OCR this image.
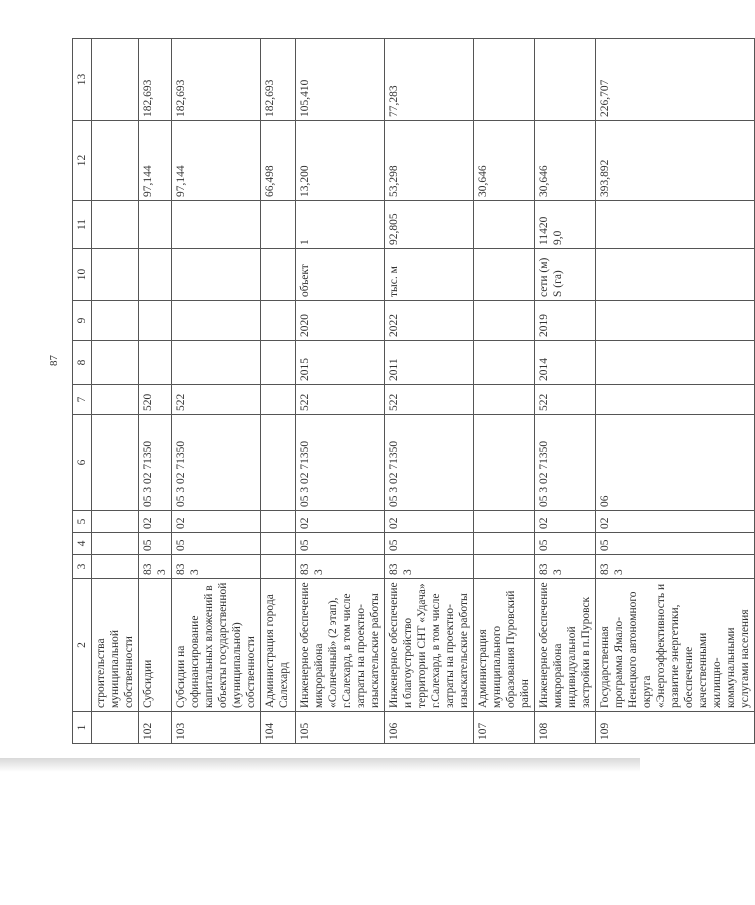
87
1	2	3	4	5	6	7	8	9	10	11	12	13
	строительства муниципальной собственности											
102	Субсидии	833	05	02	05 3 02 71350	520					97,144	182,693
103	Субсидии на софинансирование капитальных вложений в объекты государственной (муниципальной) собственности	833	05	02	05 3 02 71350	522					97,144	182,693
104	Администрация города Салехард										66,498	182,693
105	Инженерное обеспечение микрорайона «Солнечный» (2 этап), г.Салехард, в том числе затраты на проектно-изыскательские работы	833	05	02	05 3 02 71350	522	2015	2020	объект	1	13,200	105,410
106	Инженерное обеспечение и благоустройство территории СНТ «Удача» г.Салехард, в том числе затраты на проектно-изыскательские работы	833	05	02	05 3 02 71350	522	2011	2022	тыс. м	92,805	53,298	77,283
107	Администрация муниципального образования Пуровский район										30,646	
108	Инженерное обеспечение микрорайона индивидуальной застройки в п.Пуровск	833	05	02	05 3 02 71350	522	2014	2019	сети (м) S (га)	11420 9,0	30,646	
109	Государственная программа Ямало-Ненецкого автономного округа «Энергоэффективность и развитие энергетики, обеспечение качественными жилищно-коммунальными услугами населения	833	05	02	06						393,892	226,707
